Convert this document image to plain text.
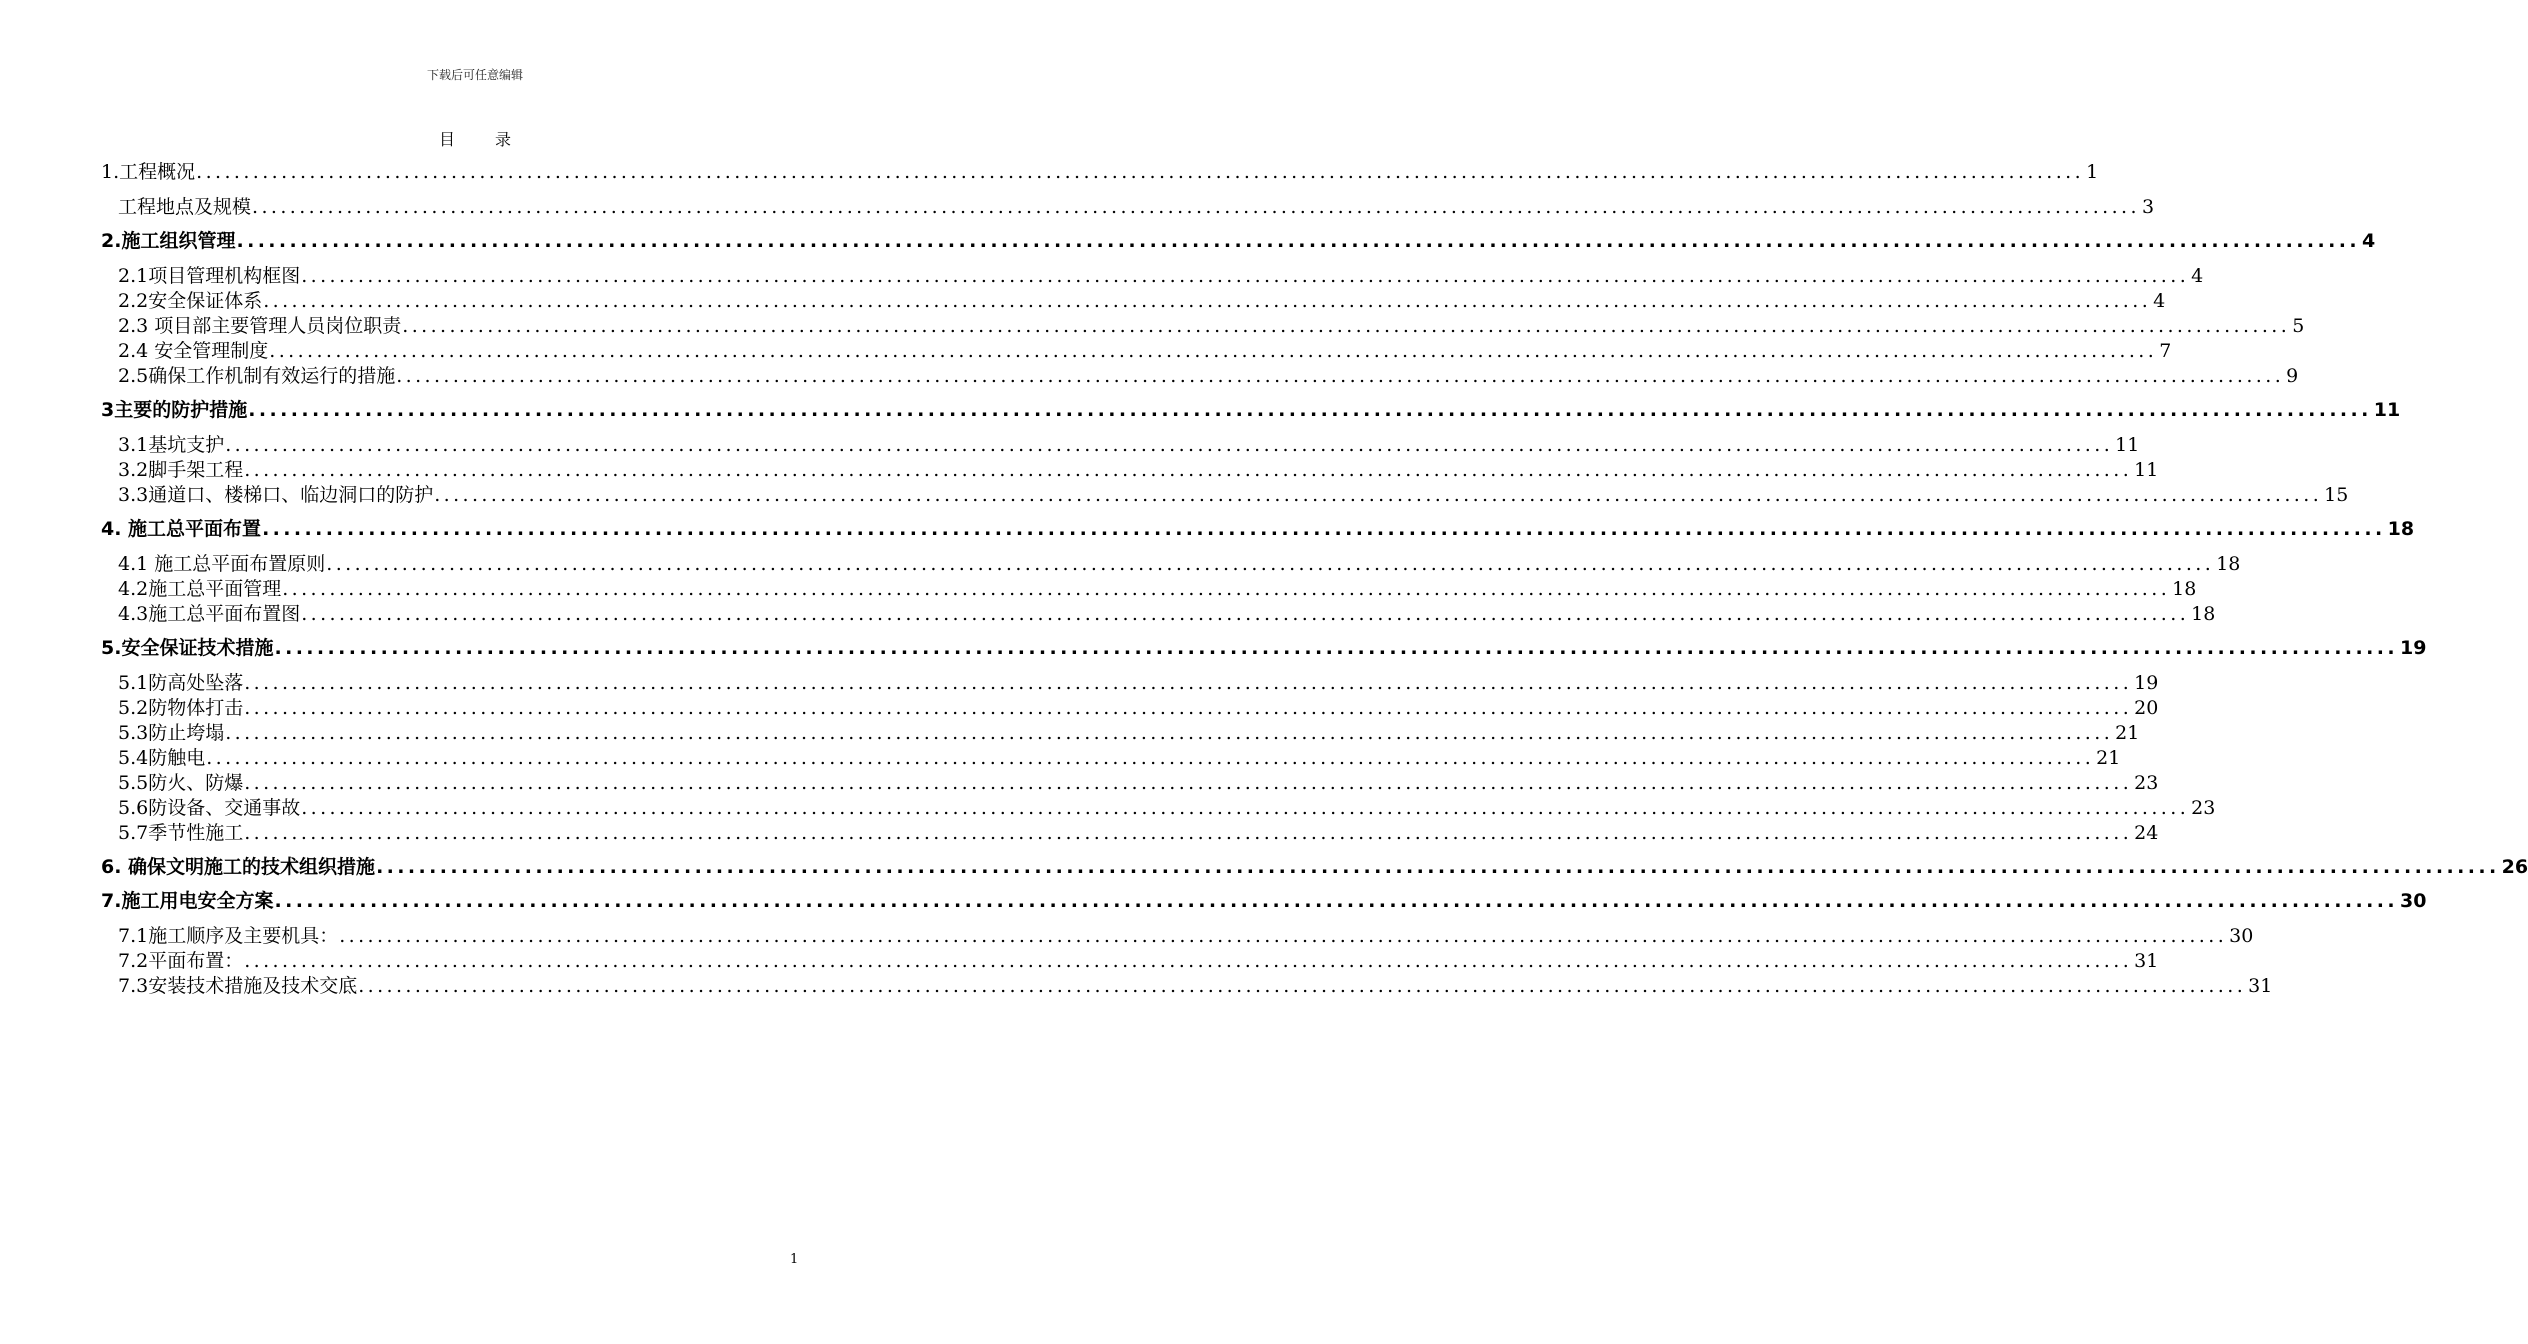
下载后可任意编辑
目录
1.工程概况 ........................................................................................................................................................................................................ 1
工程地点及规模 ........................................................................................................................................................................................................ 3
2.施工组织管理 ........................................................................................................................................................................................................ 4
2.1项目管理机构框图 ........................................................................................................................................................................................................ 4
2.2安全保证体系 ........................................................................................................................................................................................................ 4
2.3 项目部主要管理人员岗位职责 ........................................................................................................................................................................................................ 5
2.4 安全管理制度 ........................................................................................................................................................................................................ 7
2.5确保工作机制有效运行的措施 ........................................................................................................................................................................................................ 9
3主要的防护措施 ........................................................................................................................................................................................................ 11
3.1基坑支护 ........................................................................................................................................................................................................ 11
3.2脚手架工程 ........................................................................................................................................................................................................ 11
3.3通道口、楼梯口、临边洞口的防护 ........................................................................................................................................................................................................ 15
4. 施工总平面布置 ........................................................................................................................................................................................................ 18
4.1 施工总平面布置原则 ........................................................................................................................................................................................................ 18
4.2施工总平面管理 ........................................................................................................................................................................................................ 18
4.3施工总平面布置图 ........................................................................................................................................................................................................ 18
5.安全保证技术措施 ........................................................................................................................................................................................................ 19
5.1防高处坠落 ........................................................................................................................................................................................................ 19
5.2防物体打击 ........................................................................................................................................................................................................ 20
5.3防止垮塌 ........................................................................................................................................................................................................ 21
5.4防触电 ........................................................................................................................................................................................................ 21
5.5防火、防爆 ........................................................................................................................................................................................................ 23
5.6防设备、交通事故 ........................................................................................................................................................................................................ 23
5.7季节性施工 ........................................................................................................................................................................................................ 24
6. 确保文明施工的技术组织措施 ........................................................................................................................................................................................................ 26
7.施工用电安全方案 ........................................................................................................................................................................................................ 30
7.1施工顺序及主要机具： ........................................................................................................................................................................................................ 30
7.2平面布置： ........................................................................................................................................................................................................ 31
7.3安装技术措施及技术交底 ........................................................................................................................................................................................................ 31
1
